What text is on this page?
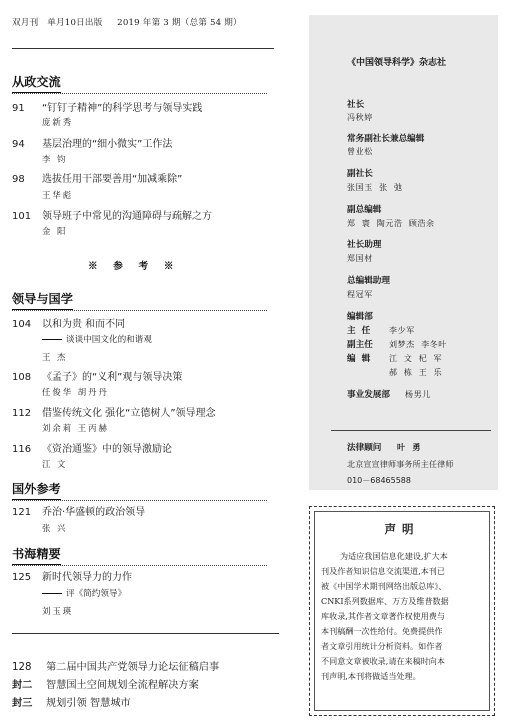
双月刊 单月10日出版 2019 年第 3 期（总第 54 期）
从政交流
91 “钉钉子精神”的科学思考与领导实践
庞新秀
94 基层治理的“细小微实”工作法
李 钧
98 选拔任用干部要善用“加减乘除”
王华彪
101 领导班子中常见的沟通障碍与疏解之方
金 阳
※  参  考  ※
领导与国学
104 以和为贵 和而不同
谈谈中国文化的和谐观
王 杰
108 《孟子》的“义利”观与领导决策
任俊华 胡丹丹
112 借鉴传统文化 强化“立德树人”领导理念
刘余莉 王丙赫
116 《资治通鉴》中的领导激励论
江 文
国外参考
121 乔治·华盛顿的政治领导
张 兴
书海精要
125 新时代领导力的力作
评《简约领导》
刘玉瑛
128 第二届中国共产党领导力论坛征稿启事
封二 智慧国土空间规划全流程解决方案
封三 规划引领 智慧城市
《中国领导科学》杂志社
社长
冯秋婷
常务副社长兼总编辑
曾业松
副社长
张国玉  张  弛
副总编辑
郑  寰  陶元浩  顾浩余
社长助理
郑国材
总编辑助理
程冠军
编辑部
主  任 李少军
副主任 刘梦杰  李冬叶
编  辑 江  文  杞  军
郝  栋  王  乐
事业发展部 杨男儿
法律顾问 叶  勇
北京宣宣律师事务所主任律师
010－68465588
声明
为适应我国信息化建设,扩大本
刊及作者知识信息交流渠道,本刊已
被《中国学术期刊网络出版总库》、
CNKI系列数据库、万方及维普数据
库收录,其作者文章著作权使用费与
本刊稿酬一次性给付。免费提供作
者文章引用统计分析资料。如作者
不同意文章被收录,请在来稿时向本
刊声明,本刊将做适当处理。
